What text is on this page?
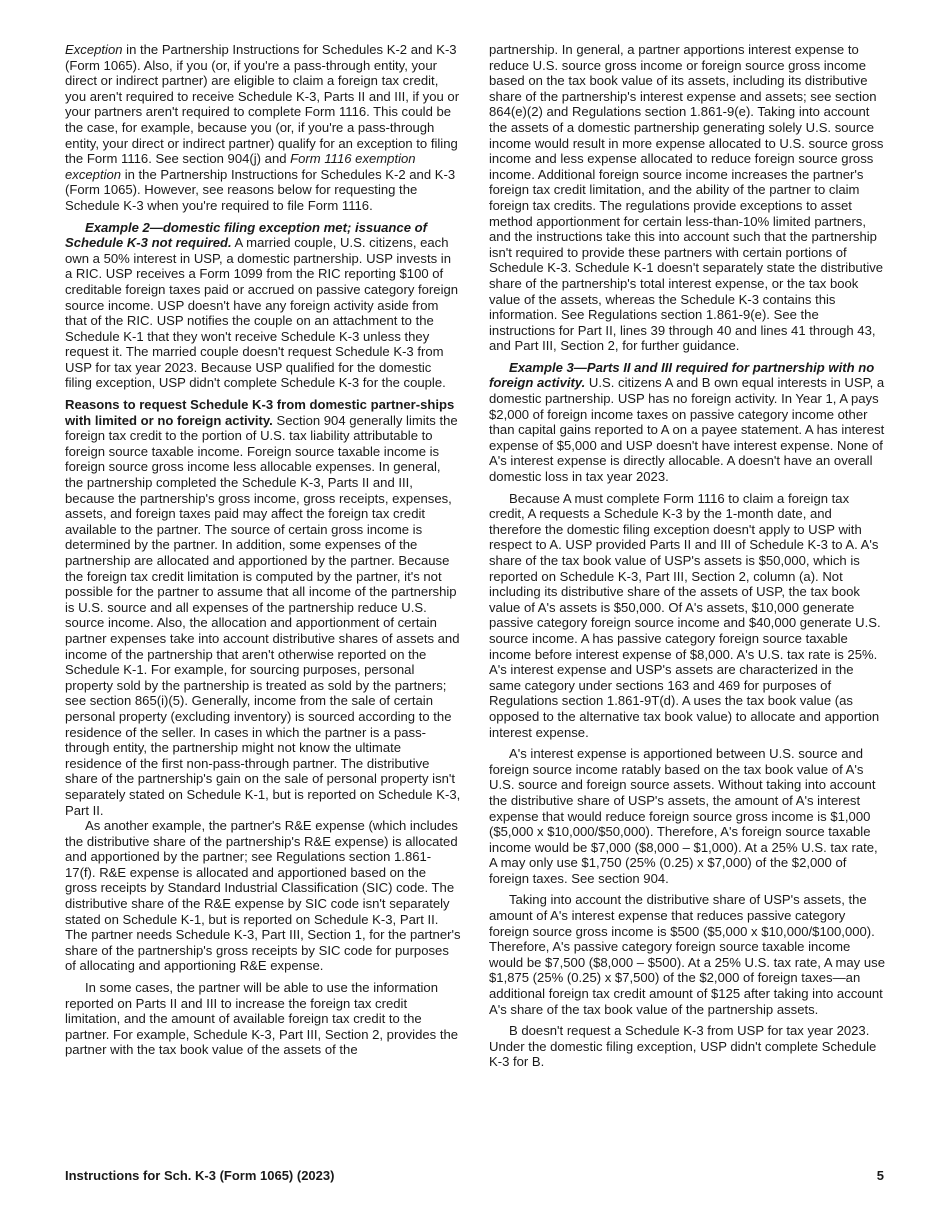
Exception in the Partnership Instructions for Schedules K-2 and K-3 (Form 1065). Also, if you (or, if you're a pass-through entity, your direct or indirect partner) are eligible to claim a foreign tax credit, you aren't required to receive Schedule K-3, Parts II and III, if you or your partners aren't required to complete Form 1116. This could be the case, for example, because you (or, if you're a pass-through entity, your direct or indirect partner) qualify for an exception to filing the Form 1116. See section 904(j) and Form 1116 exemption exception in the Partnership Instructions for Schedules K-2 and K-3 (Form 1065). However, see reasons below for requesting the Schedule K-3 when you're required to file Form 1116.

Example 2—domestic filing exception met; issuance of Schedule K-3 not required. A married couple, U.S. citizens, each own a 50% interest in USP, a domestic partnership. USP invests in a RIC. USP receives a Form 1099 from the RIC reporting $100 of creditable foreign taxes paid or accrued on passive category foreign source income. USP doesn't have any foreign activity aside from that of the RIC. USP notifies the couple on an attachment to the Schedule K-1 that they won't receive Schedule K-3 unless they request it. The married couple doesn't request Schedule K-3 from USP for tax year 2023. Because USP qualified for the domestic filing exception, USP didn't complete Schedule K-3 for the couple.

Reasons to request Schedule K-3 from domestic partner-ships with limited or no foreign activity. Section 904 generally limits the foreign tax credit to the portion of U.S. tax liability attributable to foreign source taxable income. Foreign source taxable income is foreign source gross income less allocable expenses. In general, the partnership completed the Schedule K-3, Parts II and III, because the partnership's gross income, gross receipts, expenses, assets, and foreign taxes paid may affect the foreign tax credit available to the partner. The source of certain gross income is determined by the partner. In addition, some expenses of the partnership are allocated and apportioned by the partner. Because the foreign tax credit limitation is computed by the partner, it's not possible for the partner to assume that all income of the partnership is U.S. source and all expenses of the partnership reduce U.S. source income. Also, the allocation and apportionment of certain partner expenses take into account distributive shares of assets and income of the partnership that aren't otherwise reported on the Schedule K-1. For example, for sourcing purposes, personal property sold by the partnership is treated as sold by the partners; see section 865(i)(5). Generally, income from the sale of certain personal property (excluding inventory) is sourced according to the residence of the seller. In cases in which the partner is a pass-through entity, the partnership might not know the ultimate residence of the first non-pass-through partner. The distributive share of the partnership's gain on the sale of personal property isn't separately stated on Schedule K-1, but is reported on Schedule K-3, Part II.

As another example, the partner's R&E expense (which includes the distributive share of the partnership's R&E expense) is allocated and apportioned by the partner; see Regulations section 1.861-17(f). R&E expense is allocated and apportioned based on the gross receipts by Standard Industrial Classification (SIC) code. The distributive share of the R&E expense by SIC code isn't separately stated on Schedule K-1, but is reported on Schedule K-3, Part II. The partner needs Schedule K-3, Part III, Section 1, for the partner's share of the partnership's gross receipts by SIC code for purposes of allocating and apportioning R&E expense.

In some cases, the partner will be able to use the information reported on Parts II and III to increase the foreign tax credit limitation, and the amount of available foreign tax credit to the partner. For example, Schedule K-3, Part III, Section 2, provides the partner with the tax book value of the assets of the

partnership. In general, a partner apportions interest expense to reduce U.S. source gross income or foreign source gross income based on the tax book value of its assets, including its distributive share of the partnership's interest expense and assets; see section 864(e)(2) and Regulations section 1.861-9(e). Taking into account the assets of a domestic partnership generating solely U.S. source income would result in more expense allocated to U.S. source gross income and less expense allocated to reduce foreign source gross income. Additional foreign source income increases the partner's foreign tax credit limitation, and the ability of the partner to claim foreign tax credits. The regulations provide exceptions to asset method apportionment for certain less-than-10% limited partners, and the instructions take this into account such that the partnership isn't required to provide these partners with certain portions of Schedule K-3. Schedule K-1 doesn't separately state the distributive share of the partnership's total interest expense, or the tax book value of the assets, whereas the Schedule K-3 contains this information. See Regulations section 1.861-9(e). See the instructions for Part II, lines 39 through 40 and lines 41 through 43, and Part III, Section 2, for further guidance.

Example 3—Parts II and III required for partnership with no foreign activity. U.S. citizens A and B own equal interests in USP, a domestic partnership. USP has no foreign activity. In Year 1, A pays $2,000 of foreign income taxes on passive category income other than capital gains reported to A on a payee statement. A has interest expense of $5,000 and USP doesn't have interest expense. None of A's interest expense is directly allocable. A doesn't have an overall domestic loss in tax year 2023.

Because A must complete Form 1116 to claim a foreign tax credit, A requests a Schedule K-3 by the 1-month date, and therefore the domestic filing exception doesn't apply to USP with respect to A. USP provided Parts II and III of Schedule K-3 to A. A's share of the tax book value of USP's assets is $50,000, which is reported on Schedule K-3, Part III, Section 2, column (a). Not including its distributive share of the assets of USP, the tax book value of A's assets is $50,000. Of A's assets, $10,000 generate passive category foreign source income and $40,000 generate U.S. source income. A has passive category foreign source taxable income before interest expense of $8,000. A's U.S. tax rate is 25%. A's interest expense and USP's assets are characterized in the same category under sections 163 and 469 for purposes of Regulations section 1.861-9T(d). A uses the tax book value (as opposed to the alternative tax book value) to allocate and apportion interest expense.

A's interest expense is apportioned between U.S. source and foreign source income ratably based on the tax book value of A's U.S. source and foreign source assets. Without taking into account the distributive share of USP's assets, the amount of A's interest expense that would reduce foreign source gross income is $1,000 ($5,000 x $10,000/$50,000). Therefore, A's foreign source taxable income would be $7,000 ($8,000 – $1,000). At a 25% U.S. tax rate, A may only use $1,750 (25% (0.25) x $7,000) of the $2,000 of foreign taxes. See section 904.

Taking into account the distributive share of USP's assets, the amount of A's interest expense that reduces passive category foreign source gross income is $500 ($5,000 x $10,000/$100,000). Therefore, A's passive category foreign source taxable income would be $7,500 ($8,000 – $500). At a 25% U.S. tax rate, A may use $1,875 (25% (0.25) x $7,500) of the $2,000 of foreign taxes—an additional foreign tax credit amount of $125 after taking into account A's share of the tax book value of the partnership assets.

B doesn't request a Schedule K-3 from USP for tax year 2023. Under the domestic filing exception, USP didn't complete Schedule K-3 for B.

Instructions for Sch. K-3 (Form 1065) (2023)	5
